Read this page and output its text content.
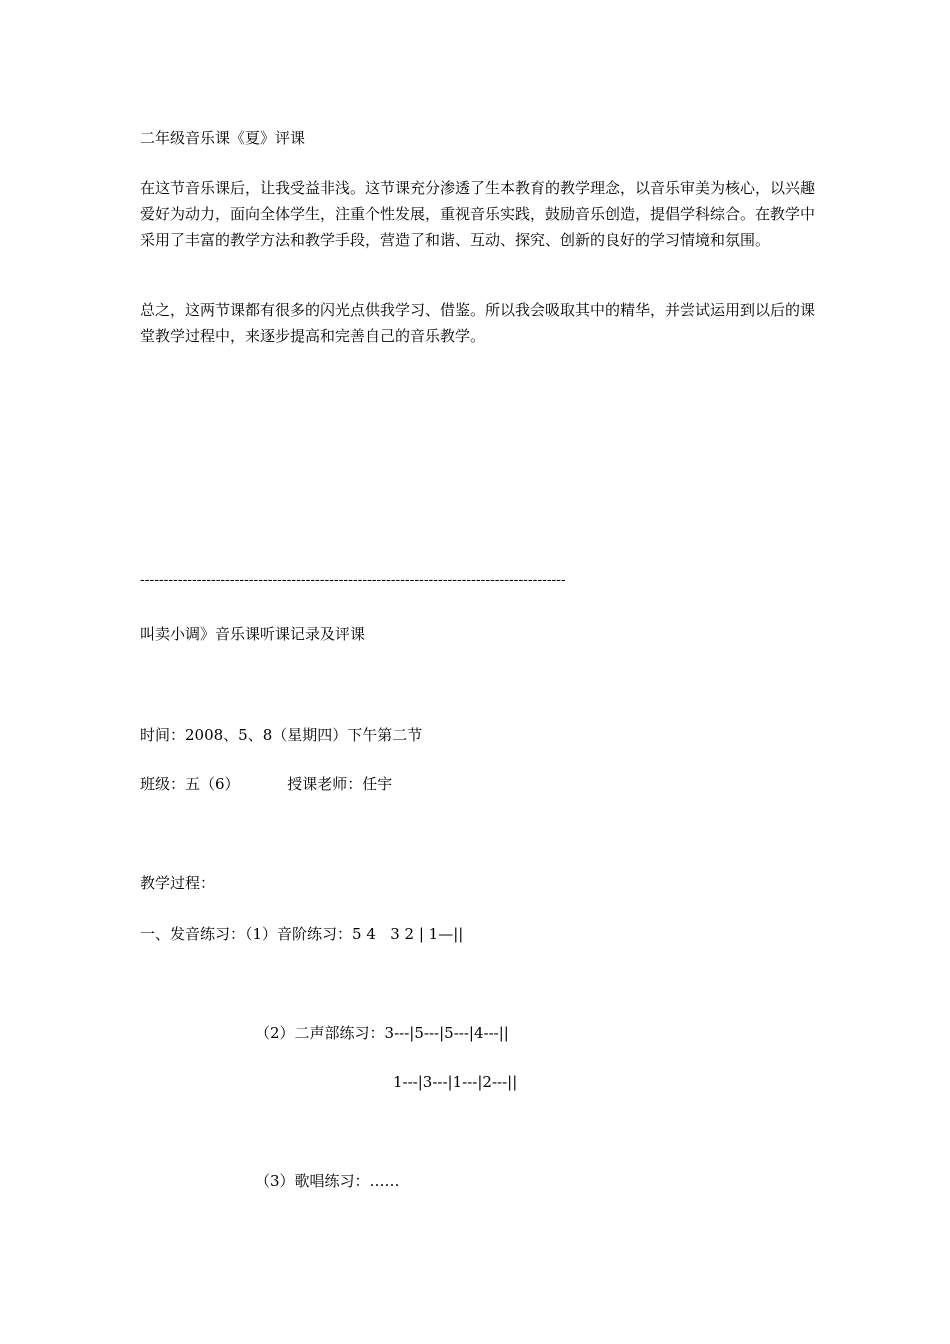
二年级音乐课《夏》评课

在这节音乐课后，让我受益非浅。这节课充分渗透了生本教育的教学理念，以音乐审美为核心，以兴趣爱好为动力，面向全体学生，注重个性发展，重视音乐实践，鼓励音乐创造，提倡学科综合。在教学中采用了丰富的教学方法和教学手段，营造了和谐、互动、探究、创新的良好的学习情境和氛围。

总之，这两节课都有很多的闪光点供我学习、借鉴。所以我会吸取其中的精华，并尝试运用到以后的课堂教学过程中，来逐步提高和完善自己的音乐教学。

------------------------------------------------------------------------------------------

叫卖小调》音乐课听课记录及评课

时间：2008、5、8（星期四）下午第二节

班级：五（6）          授课老师：任宇

教学过程：

一、发音练习：（1）音阶练习：5 4   3 2 | 1—||

（2）二声部练习：3---|5---|5---|4---||

1---|3---|1---|2---||

（3）歌唱练习：……
